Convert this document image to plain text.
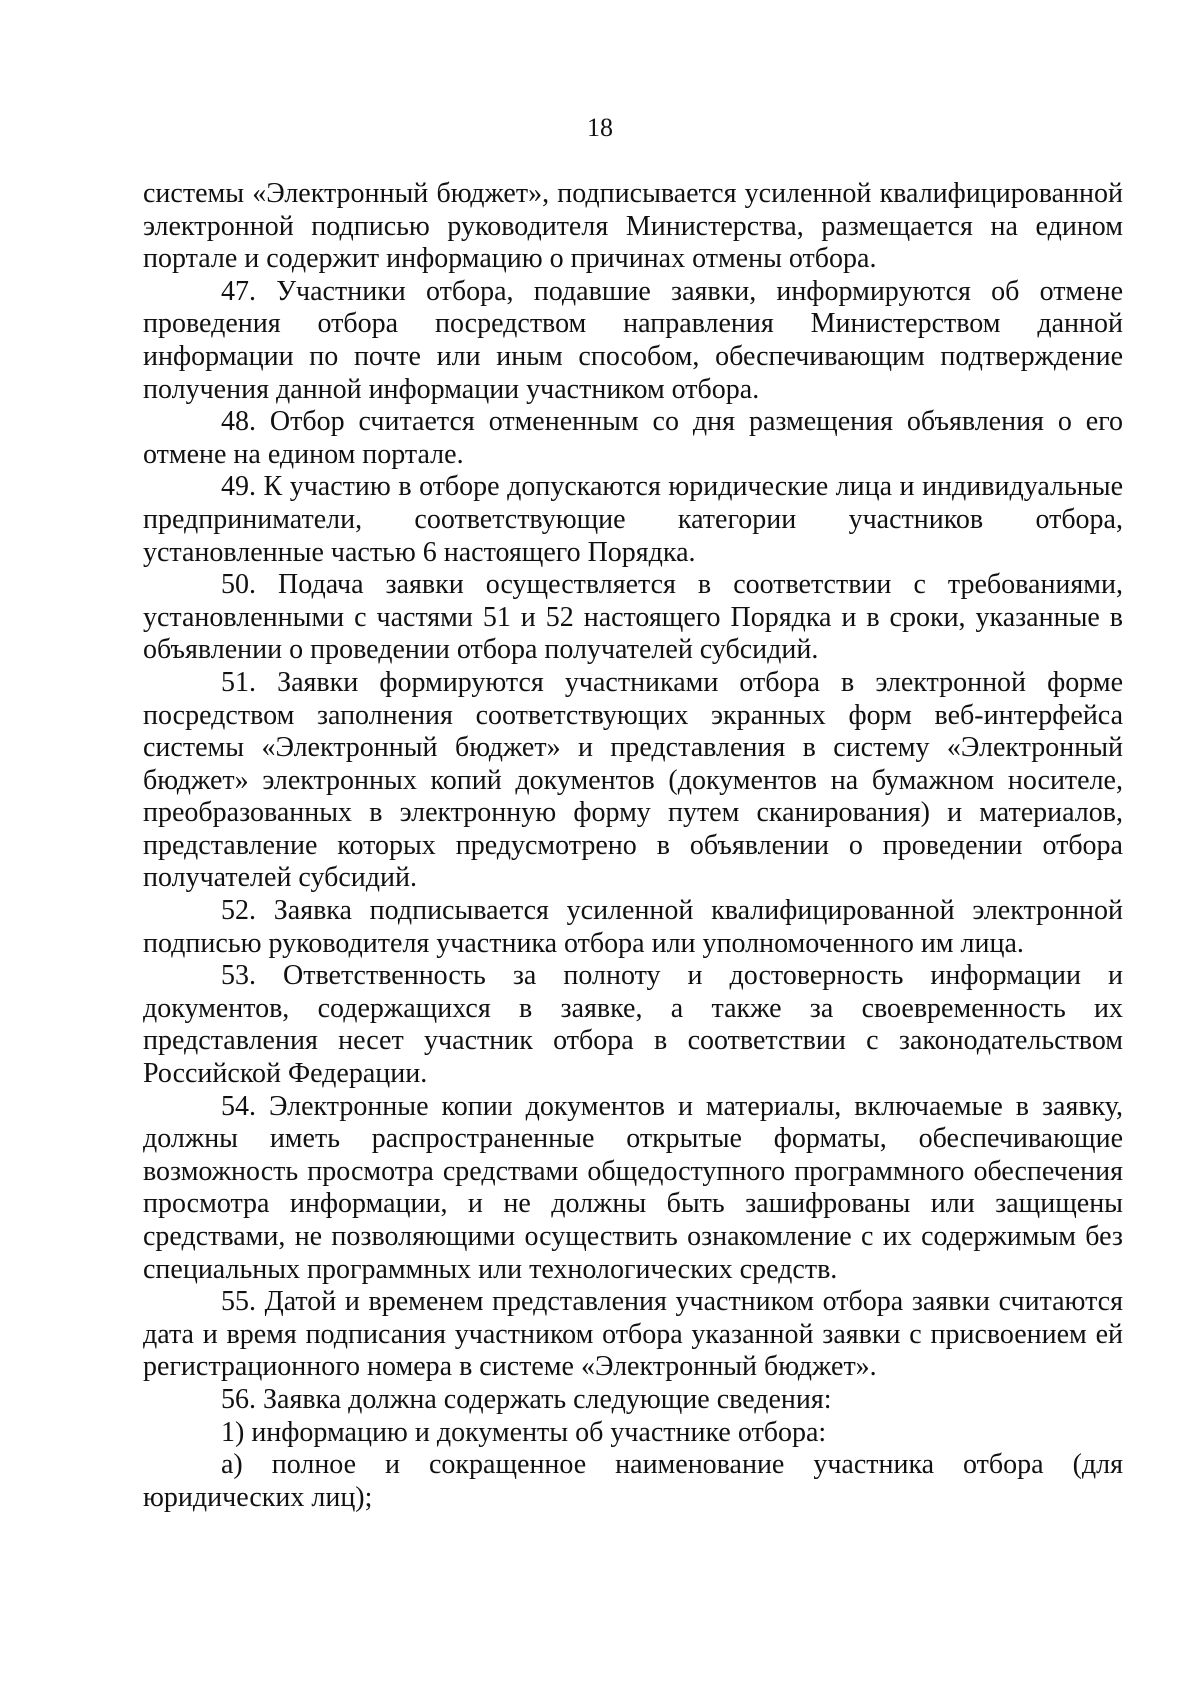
18

системы «Электронный бюджет», подписывается усиленной квалифицированной электронной подписью руководителя Министерства, размещается на едином портале и содержит информацию о причинах отмены отбора.

47. Участники отбора, подавшие заявки, информируются об отмене проведения отбора посредством направления Министерством данной информации по почте или иным способом, обеспечивающим подтверждение получения данной информации участником отбора.

48. Отбор считается отмененным со дня размещения объявления о его отмене на едином портале.

49. К участию в отборе допускаются юридические лица и индивидуальные предприниматели, соответствующие категории участников отбора, установленные частью 6 настоящего Порядка.

50. Подача заявки осуществляется в соответствии с требованиями, установленными с частями 51 и 52 настоящего Порядка и в сроки, указанные в объявлении о проведении отбора получателей субсидий.

51. Заявки формируются участниками отбора в электронной форме посредством заполнения соответствующих экранных форм веб-интерфейса системы «Электронный бюджет» и представления в систему «Электронный бюджет» электронных копий документов (документов на бумажном носителе, преобразованных в электронную форму путем сканирования) и материалов, представление которых предусмотрено в объявлении о проведении отбора получателей субсидий.

52. Заявка подписывается усиленной квалифицированной электронной подписью руководителя участника отбора или уполномоченного им лица.

53. Ответственность за полноту и достоверность информации и документов, содержащихся в заявке, а также за своевременность их представления несет участник отбора в соответствии с законодательством Российской Федерации.

54. Электронные копии документов и материалы, включаемые в заявку, должны иметь распространенные открытые форматы, обеспечивающие возможность просмотра средствами общедоступного программного обеспечения просмотра информации, и не должны быть зашифрованы или защищены средствами, не позволяющими осуществить ознакомление с их содержимым без специальных программных или технологических средств.

55. Датой и временем представления участником отбора заявки считаются дата и время подписания участником отбора указанной заявки с присвоением ей регистрационного номера в системе «Электронный бюджет».

56. Заявка должна содержать следующие сведения:

1) информацию и документы об участнике отбора:

а) полное и сокращенное наименование участника отбора (для юридических лиц);
